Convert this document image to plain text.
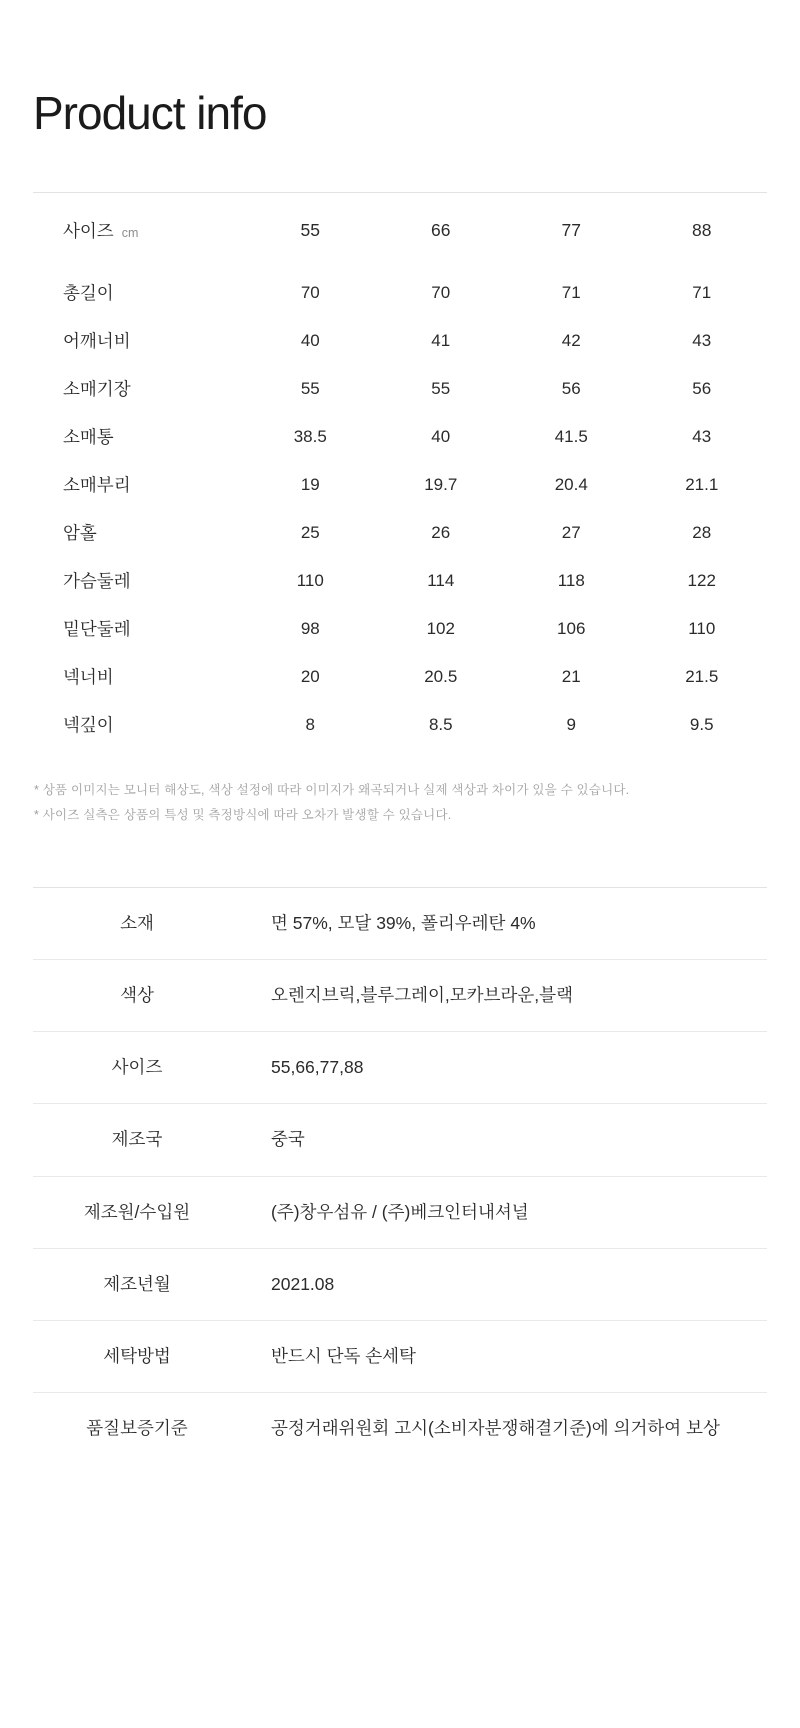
Product info
사이즈 cm	55	66	77	88
총길이	70	70	71	71
어깨너비	40	41	42	43
소매기장	55	55	56	56
소매통	38.5	40	41.5	43
소매부리	19	19.7	20.4	21.1
암홀	25	26	27	28
가슴둘레	110	114	118	122
밑단둘레	98	102	106	110
넥너비	20	20.5	21	21.5
넥깊이	8	8.5	9	9.5

* 상품 이미지는 모니터 해상도, 색상 설정에 따라 이미지가 왜곡되거나 실제 색상과 차이가 있을 수 있습니다.

* 사이즈 실측은 상품의 특성 및 측정방식에 따라 오차가 발생할 수 있습니다.

소재	면 57%, 모달 39%, 폴리우레탄 4%
색상	오렌지브릭,블루그레이,모카브라운,블랙
사이즈	55,66,77,88
제조국	중국
제조원/수입원	(주)창우섬유 / (주)베크인터내셔널
제조년월	2021.08
세탁방법	반드시 단독 손세탁
품질보증기준	공정거래위원회 고시(소비자분쟁해결기준)에 의거하여 보상
